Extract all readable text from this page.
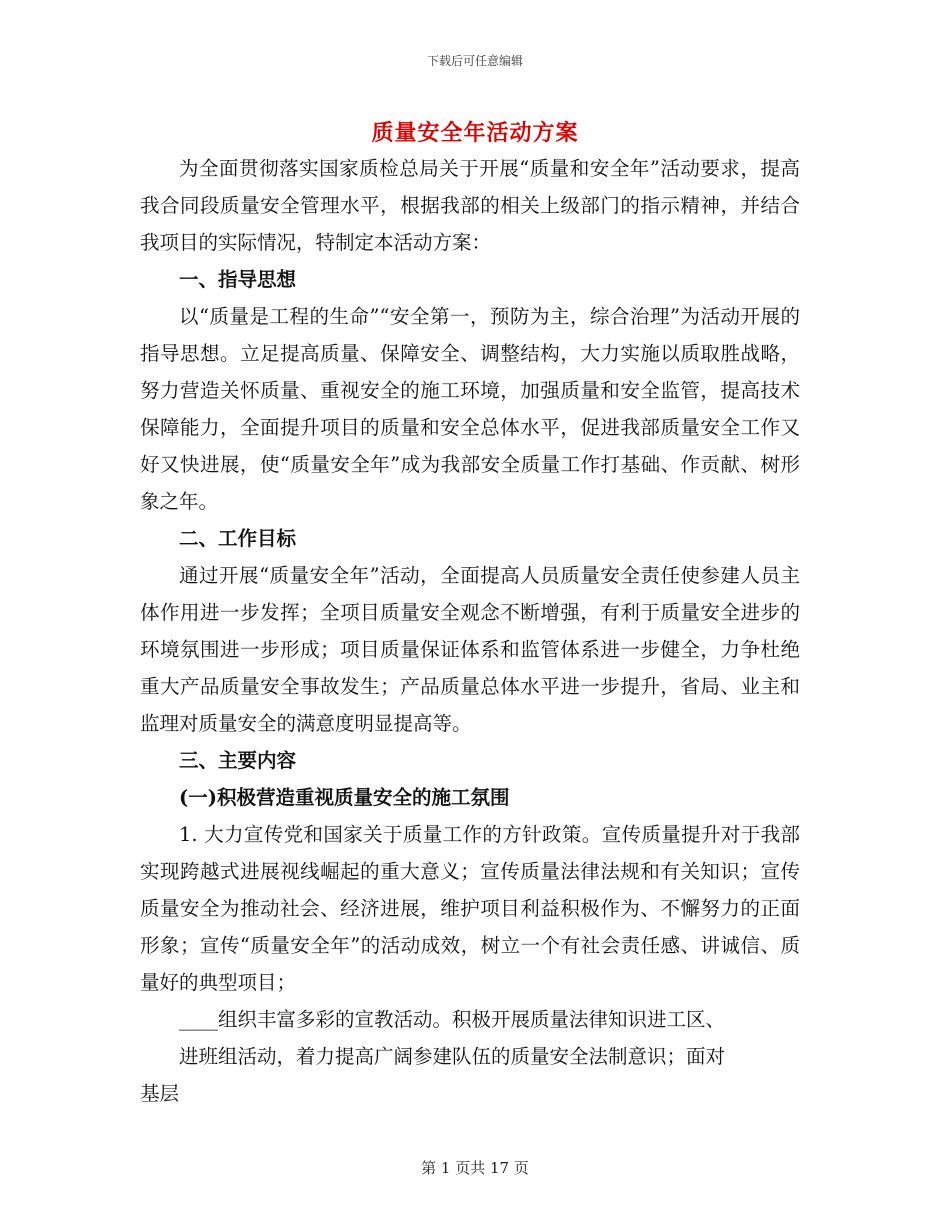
下载后可任意编辑
质量安全年活动方案

为全面贯彻落实国家质检总局关于开展“质量和安全年”活动要求，提高我合同段质量安全管理水平，根据我部的相关上级部门的指示精神，并结合我项目的实际情况，特制定本活动方案：

一、指导思想

以“质量是工程的生命”“安全第一，预防为主，综合治理”为活动开展的指导思想。立足提高质量、保障安全、调整结构，大力实施以质取胜战略，努力营造关怀质量、重视安全的施工环境，加强质量和安全监管，提高技术保障能力，全面提升项目的质量和安全总体水平，促进我部质量安全工作又好又快进展，使“质量安全年”成为我部安全质量工作打基础、作贡献、树形象之年。

二、工作目标

通过开展“质量安全年”活动，全面提高人员质量安全责任使参建人员主体作用进一步发挥；全项目质量安全观念不断增强，有利于质量安全进步的环境氛围进一步形成；项目质量保证体系和监管体系进一步健全，力争杜绝重大产品质量安全事故发生；产品质量总体水平进一步提升，省局、业主和监理对质量安全的满意度明显提高等。

三、主要内容
(一)积极营造重视质量安全的施工氛围

1. 大力宣传党和国家关于质量工作的方针政策。宣传质量提升对于我部实现跨越式进展视线崛起的重大意义；宣传质量法律法规和有关知识；宣传质量安全为推动社会、经济进展，维护项目利益积极作为、不懈努力的正面形象；宣传“质量安全年”的活动成效，树立一个有社会责任感、讲诚信、质量好的典型项目；

____组织丰富多彩的宣教活动。积极开展质量法律知识进工区、

进班组活动，着力提高广阔参建队伍的质量安全法制意识；面对

基层

第 1 页共 17 页
